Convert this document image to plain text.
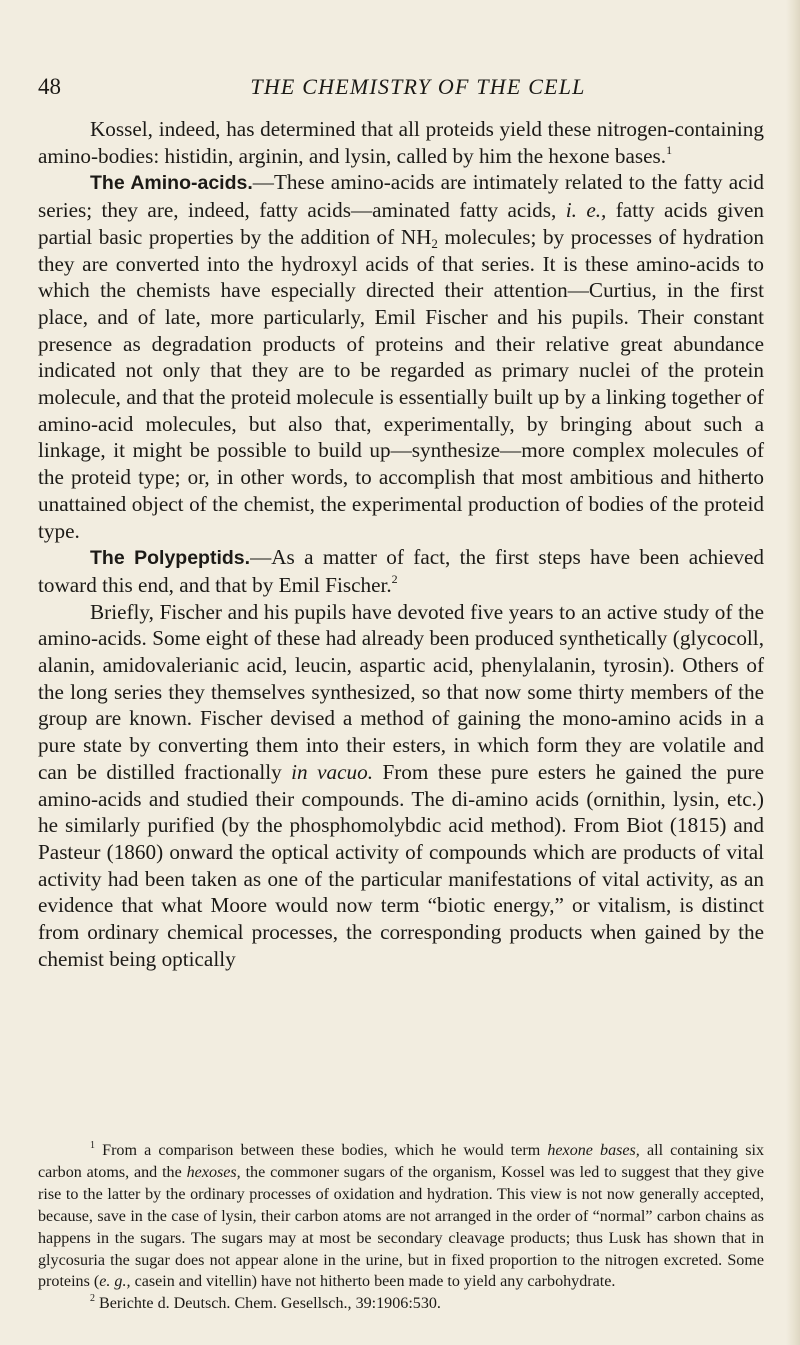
48	THE CHEMISTRY OF THE CELL

Kossel, indeed, has determined that all proteids yield these nitrogen-containing amino-bodies: histidin, arginin, and lysin, called by him the hexone bases.$^1$

The Amino-acids.—These amino-acids are intimately related to the fatty acid series; they are, indeed, fatty acids—aminated fatty acids, i. e., fatty acids given partial basic properties by the addition of $NH_2$ molecules; by processes of hydration they are converted into the hydroxyl acids of that series. It is these amino-acids to which the chemists have especially directed their attention—Curtius, in the first place, and of late, more particularly, Emil Fischer and his pupils. Their constant presence as degradation products of proteins and their relative great abundance indicated not only that they are to be regarded as primary nuclei of the protein molecule, and that the proteid molecule is essentially built up by a linking together of amino-acid molecules, but also that, experimentally, by bringing about such a linkage, it might be possible to build up—synthesize—more complex molecules of the proteid type; or, in other words, to accomplish that most ambitious and hitherto unattained object of the chemist, the experimental production of bodies of the proteid type.

The Polypeptids.—As a matter of fact, the first steps have been achieved toward this end, and that by Emil Fischer.$^2$

Briefly, Fischer and his pupils have devoted five years to an active study of the amino-acids. Some eight of these had already been produced synthetically (glycocoll, alanin, amidovalerianic acid, leucin, aspartic acid, phenylalanin, tyrosin). Others of the long series they themselves synthesized, so that now some thirty members of the group are known. Fischer devised a method of gaining the mono-amino acids in a pure state by converting them into their esters, in which form they are volatile and can be distilled fractionally in vacuo. From these pure esters he gained the pure amino-acids and studied their compounds. The di-amino acids (ornithin, lysin, etc.) he similarly purified (by the phosphomolybdic acid method). From Biot (1815) and Pasteur (1860) onward the optical activity of compounds which are products of vital activity had been taken as one of the particular manifestations of vital activity, as an evidence that what Moore would now term “biotic energy,” or vitalism, is distinct from ordinary chemical processes, the corresponding products when gained by the chemist being optically

$^1$ From a comparison between these bodies, which he would term hexone bases, all containing six carbon atoms, and the hexoses, the commoner sugars of the organism, Kossel was led to suggest that they give rise to the latter by the ordinary processes of oxidation and hydration. This view is not now generally accepted, because, save in the case of lysin, their carbon atoms are not arranged in the order of “normal” carbon chains as happens in the sugars. The sugars may at most be secondary cleavage products; thus Lusk has shown that in glycosuria the sugar does not appear alone in the urine, but in fixed proportion to the nitrogen excreted. Some proteins (e. g., casein and vitellin) have not hitherto been made to yield any carbohydrate.

$^2$ Berichte d. Deutsch. Chem. Gesellsch., 39:1906:530.
